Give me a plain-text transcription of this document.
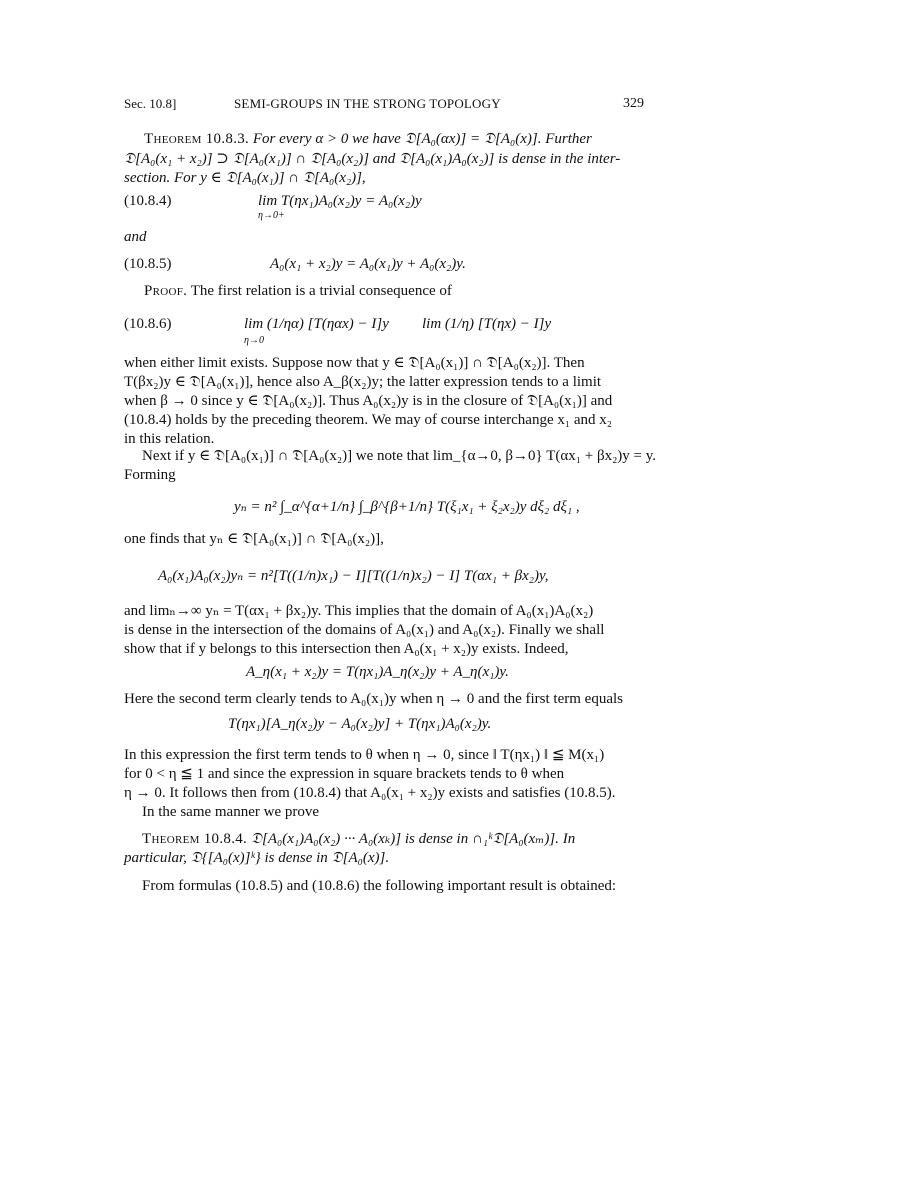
Sec. 10.8]	SEMI-GROUPS IN THE STRONG TOPOLOGY	329
Theorem 10.8.3. For every α > 0 we have 𝔇[A₀(αx)] = 𝔇[A₀(x)]. Further
𝔇[A₀(x₁ + x₂)] ⊃ 𝔇[A₀(x₁)] ∩ 𝔇[A₀(x₂)] and 𝔇[A₀(x₁)A₀(x₂)] is dense in the inter-
section. For y ∈ 𝔇[A₀(x₁)] ∩ 𝔇[A₀(x₂)],
(10.8.4)	lim T(ηx₁)A₀(x₂)y = A₀(x₂)y
η→0+
and
(10.8.5)	A₀(x₁ + x₂)y = A₀(x₁)y + A₀(x₂)y.
Proof. The first relation is a trivial consequence of
(10.8.6)	lim (1/ηα) [T(ηαx) − I]y lim (1/η) [T(ηx) − I]y
η→0
when either limit exists. Suppose now that y ∈ 𝔇[A₀(x₁)] ∩ 𝔇[A₀(x₂)]. Then
T(βx₂)y ∈ 𝔇[A₀(x₁)], hence also A_β(x₂)y; the latter expression tends to a limit
when β → 0 since y ∈ 𝔇[A₀(x₂)]. Thus A₀(x₂)y is in the closure of 𝔇[A₀(x₁)] and
(10.8.4) holds by the preceding theorem. We may of course interchange x₁ and x₂
in this relation.
Next if y ∈ 𝔇[A₀(x₁)] ∩ 𝔇[A₀(x₂)] we note that lim_{α→0, β→0} T(αx₁ + βx₂)y = y.
Forming
yₙ = n² ∫_α^{α+1/n} ∫_β^{β+1/n} T(ξ₁x₁ + ξ₂x₂)y dξ₂ dξ₁ ,
one finds that yₙ ∈ 𝔇[A₀(x₁)] ∩ 𝔇[A₀(x₂)],
A₀(x₁)A₀(x₂)yₙ = n²[T((1/n)x₁) − I][T((1/n)x₂) − I] T(αx₁ + βx₂)y,
and limₙ→∞ yₙ = T(αx₁ + βx₂)y. This implies that the domain of A₀(x₁)A₀(x₂)
is dense in the intersection of the domains of A₀(x₁) and A₀(x₂). Finally we shall
show that if y belongs to this intersection then A₀(x₁ + x₂)y exists. Indeed,
A_η(x₁ + x₂)y = T(ηx₁)A_η(x₂)y + A_η(x₁)y.
Here the second term clearly tends to A₀(x₁)y when η → 0 and the first term equals
T(ηx₁)[A_η(x₂)y − A₀(x₂)y] + T(ηx₁)A₀(x₂)y.
In this expression the first term tends to θ when η → 0, since ‖ T(ηx₁) ‖ ≦ M(x₁)
for 0 < η ≦ 1 and since the expression in square brackets tends to θ when
η → 0. It follows then from (10.8.4) that A₀(x₁ + x₂)y exists and satisfies (10.8.5).
In the same manner we prove
Theorem 10.8.4. 𝔇[A₀(x₁)A₀(x₂) ··· A₀(xₖ)] is dense in ∩₁ᵏ𝔇[A₀(xₘ)]. In
particular, 𝔇{[A₀(x)]ᵏ} is dense in 𝔇[A₀(x)].
From formulas (10.8.5) and (10.8.6) the following important result is obtained:
